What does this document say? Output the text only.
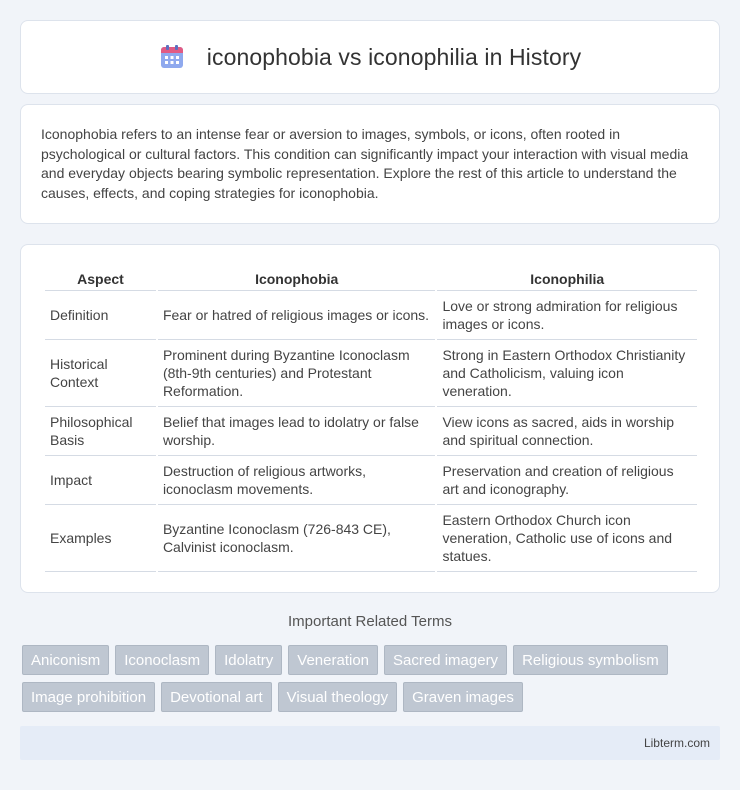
iconophobia vs iconophilia in History

Iconophobia refers to an intense fear or aversion to images, symbols, or icons, often rooted in psychological or cultural factors. This condition can significantly impact your interaction with visual media and everyday objects bearing symbolic representation. Explore the rest of this article to understand the causes, effects, and coping strategies for iconophobia.

Aspect	Iconophobia	Iconophilia
Definition	Fear or hatred of religious images or icons.	Love or strong admiration for religious images or icons.
Historical Context	Prominent during Byzantine Iconoclasm (8th-9th centuries) and Protestant Reformation.	Strong in Eastern Orthodox Christianity and Catholicism, valuing icon veneration.
Philosophical Basis	Belief that images lead to idolatry or false worship.	View icons as sacred, aids in worship and spiritual connection.
Impact	Destruction of religious artworks, iconoclasm movements.	Preservation and creation of religious art and iconography.
Examples	Byzantine Iconoclasm (726-843 CE), Calvinist iconoclasm.	Eastern Orthodox Church icon veneration, Catholic use of icons and statues.
Important Related Terms
Aniconism	Iconoclasm	Idolatry	Veneration	Sacred imagery	Religious symbolism
Image prohibition	Devotional art	Visual theology	Graven images
Libterm.com
